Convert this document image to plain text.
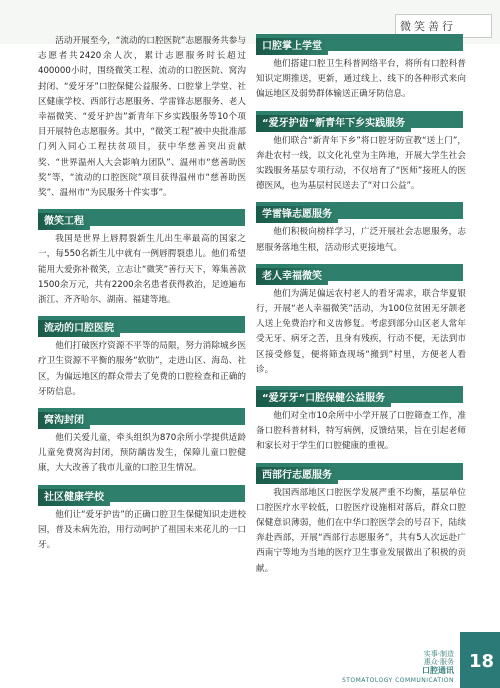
微笑善行

活动开展至今，“流动的口腔医院”志愿服务共参与志愿者共2420余人次，累计志愿服务时长超过400000小时，围绕微笑工程、流动的口腔医院、窝沟封闭、“爱牙牙”口腔保健公益服务、口腔掌上学堂、社区健康学校、西部行志愿服务、学雷锋志愿服务、老人幸福微笑、“爱牙护齿”新青年下乡实践服务等10个项目开展特色志愿服务。其中，“微笑工程”被中央批准部门列入同心工程扶贫项目，获中华慈善突出贡献奖、“世界温州人大会影响力团队”、温州市“慈善助医奖”等，“流动的口腔医院”项目获得温州市“慈善助医奖”、温州市“为民服务十件实事”。

微笑工程

我国是世界上唇腭裂新生儿出生率最高的国家之一，每550名新生儿中就有一例唇腭裂患儿。他们希望能用大爱弥补微笑，立志让“微笑”善行天下，筹集善款1500余万元，共有2200余名患者获得救治，足迹遍布浙江、齐齐哈尔、湖南、福建等地。

流动的口腔医院

他们打破医疗资源不平等的局限，努力消除城乡医疗卫生资源不平衡的服务“软肋”，走进山区、海岛、社区，为偏远地区的群众带去了免费的口腔检查和正确的牙防信息。

窝沟封闭

他们关爱儿童，牵头组织为870余所小学提供适龄儿童免费窝沟封闭，预防龋齿发生，保障儿童口腔健康，大大改善了我市儿童的口腔卫生情况。

社区健康学校

他们让“爱牙护齿”的正确口腔卫生保健知识走进校园，普及未病先治，用行动呵护了祖国未来花儿的一口牙。

口腔掌上学堂

他们搭建口腔卫生科普网络平台，将所有口腔科普知识定期推送，更新，通过线上、线下的各种形式来向偏远地区及弱势群体输送正确牙防信息。

“爱牙护齿”新青年下乡实践服务

他们联合“新青年下乡”将口腔牙防宣教“送上门”，奔赴农村一线，以文化礼堂为主阵地，开展大学生社会实践服务基层专项行动，不仅培育了“医师”接班人的医德医风，也为基层村民送去了“对口公益”。

学雷锋志愿服务

他们积极向榜样学习，广泛开展社会志愿服务，志愿服务落地生根，活动形式更接地气。

老人幸福微笑

他们为满足偏远农村老人的看牙需求，联合华夏银行，开展“老人幸福微笑”活动，为100位贫困无牙颌老人送上免费治疗和义齿修复。考虑到部分山区老人常年受无牙、病牙之苦，且身有残疾，行动不便，无法到市区接受修复，便将筛查现场“搬到”村里，方便老人看诊。

“爱牙牙”口腔保健公益服务

他们对全市10余所中小学开展了口腔筛查工作，准备口腔科普材料，特写病例，反馈结果，旨在引起老师和家长对于学生们口腔健康的重视。

西部行志愿服务

我国西部地区口腔医学发展严重不均衡，基层单位口腔医疗水平较低，口腔医疗设施相对落后，群众口腔保健意识薄弱，他们在中华口腔医学会的号召下，陆续奔赴西部，开展“西部行志愿服务”，共有5人次远赴广西南宁等地为当地的医疗卫生事业发展做出了积极的贡献。

18
实事·制造
惠众·服务
口腔通讯
STOMATOLOGY COMMUNICATION
